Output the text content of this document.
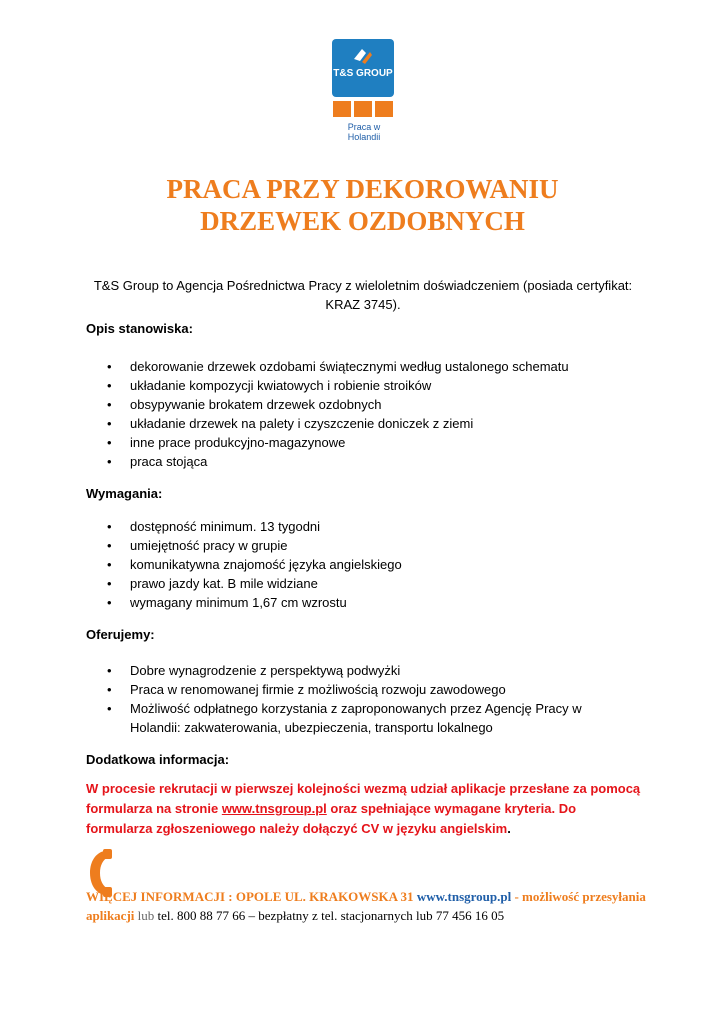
T&S GROUP
Praca w Holandii
PRACA PRZY DEKOROWANIU
DRZEWEK OZDOBNYCH
T&S Group to Agencja Pośrednictwa Pracy z wieloletnim doświadczeniem (posiada certyfikat: KRAZ 3745).
Opis stanowiska:
• dekorowanie drzewek ozdobami świątecznymi według ustalonego schematu
• układanie kompozycji kwiatowych i robienie stroików
• obsypywanie brokatem drzewek ozdobnych
• układanie drzewek na palety i czyszczenie doniczek z ziemi
• inne prace produkcyjno-magazynowe
• praca stojąca
Wymagania:
• dostępność minimum. 13 tygodni
• umiejętność pracy w grupie
• komunikatywna znajomość języka angielskiego
• prawo jazdy kat. B mile widziane
• wymagany minimum 1,67 cm wzrostu
Oferujemy:
• Dobre wynagrodzenie z perspektywą podwyżki
• Praca w renomowanej firmie z możliwością rozwoju zawodowego
• Możliwość odpłatnego korzystania z zaproponowanych przez Agencję Pracy w Holandii: zakwaterowania, ubezpieczenia, transportu lokalnego
Dodatkowa informacja:
W procesie rekrutacji w pierwszej kolejności wezmą udział aplikacje przesłane za pomocą formularza na stronie www.tnsgroup.pl oraz spełniające wymagane kryteria. Do formularza zgłoszeniowego należy dołączyć CV w języku angielskim.
WIĘCEJ INFORMACJI : OPOLE UL. KRAKOWSKA 31 www.tnsgroup.pl - możliwość przesyłania aplikacji lub tel. 800 88 77 66 – bezpłatny z tel. stacjonarnych lub 77 456 16 05
